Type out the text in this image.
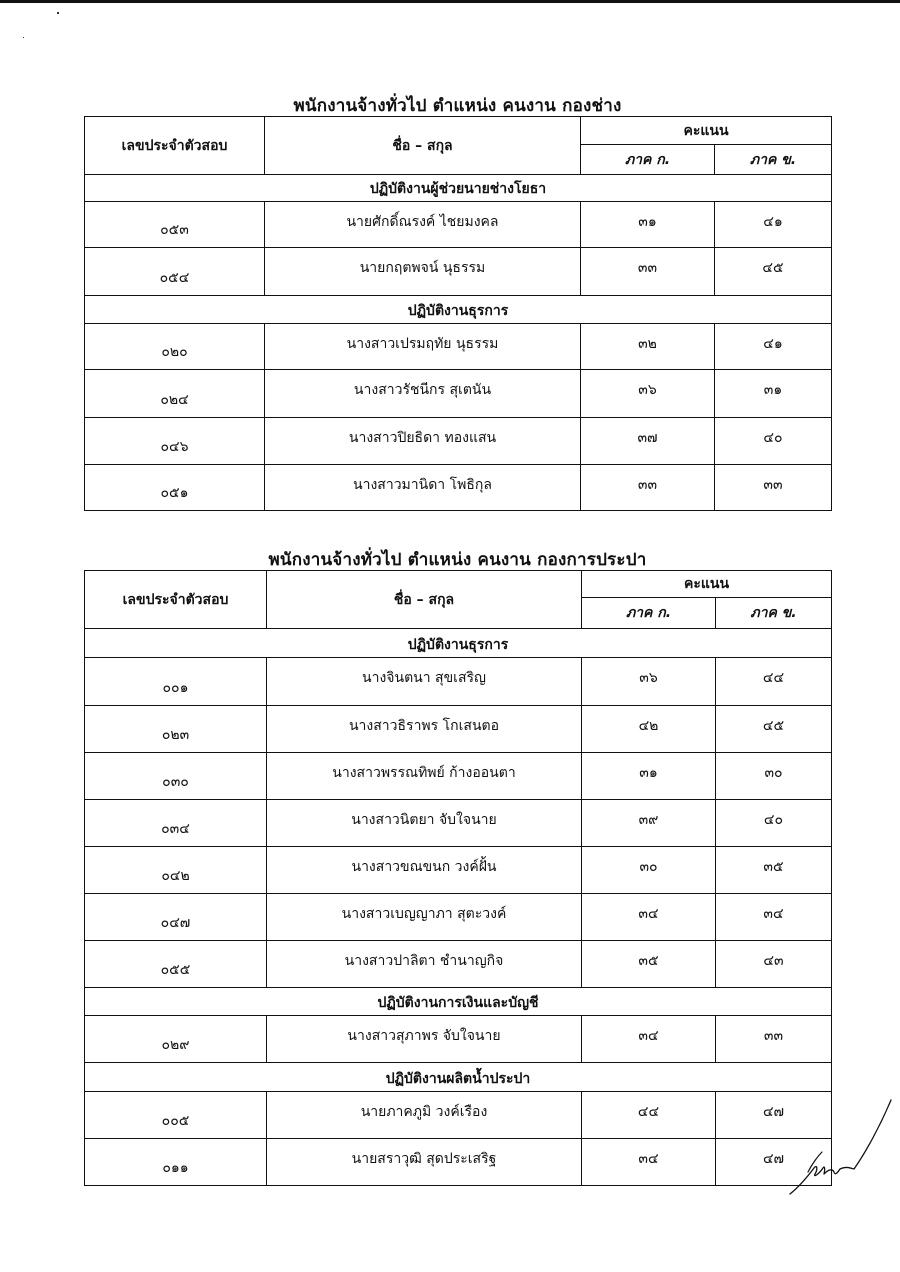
พนักงานจ้างทั่วไป ตำแหน่ง คนงาน กองช่าง
เลขประจำตัวสอบ	ชื่อ – สกุล	คะแนน	
		ภาค ก.	ภาค ข.
ปฏิบัติงานผู้ช่วยนายช่างโยธา			
๐๕๓	นายศักดิ์ณรงค์ ไชยมงคล	๓๑	๔๑
๐๕๔	นายกฤตพจน์ นุธรรม	๓๓	๔๕
ปฏิบัติงานธุรการ			
๐๒๐	นางสาวเปรมฤทัย นุธรรม	๓๒	๔๑
๐๒๔	นางสาวรัชนีกร สุเตนัน	๓๖	๓๑
๐๔๖	นางสาวปิยธิดา ทองแสน	๓๗	๔๐
๐๕๑	นางสาวมานิดา โพธิกุล	๓๓	๓๓
พนักงานจ้างทั่วไป ตำแหน่ง คนงาน กองการประปา
เลขประจำตัวสอบ	ชื่อ – สกุล	คะแนน	
		ภาค ก.	ภาค ข.
ปฏิบัติงานธุรการ			
๐๐๑	นางจินตนา สุขเสริญ	๓๖	๔๔
๐๒๓	นางสาวธิราพร โกเสนตอ	๔๒	๔๕
๐๓๐	นางสาวพรรณทิพย์ ก้างออนตา	๓๑	๓๐
๐๓๔	นางสาวนิตยา จับใจนาย	๓๙	๔๐
๐๔๒	นางสาวขณขนก วงค์ฝั้น	๓๐	๓๕
๐๔๗	นางสาวเบญญาภา สุตะวงค์	๓๔	๓๔
๐๕๕	นางสาวปาลิตา ชำนาญกิจ	๓๕	๔๓
ปฏิบัติงานการเงินและบัญชี			
๐๒๙	นางสาวสุภาพร จับใจนาย	๓๔	๓๓
ปฏิบัติงานผลิตน้ำประปา			
๐๐๕	นายภาคภูมิ วงค์เรือง	๔๔	๔๗
๐๑๑	นายสราวุฒิ สุดประเสริฐ	๓๔	๔๗
